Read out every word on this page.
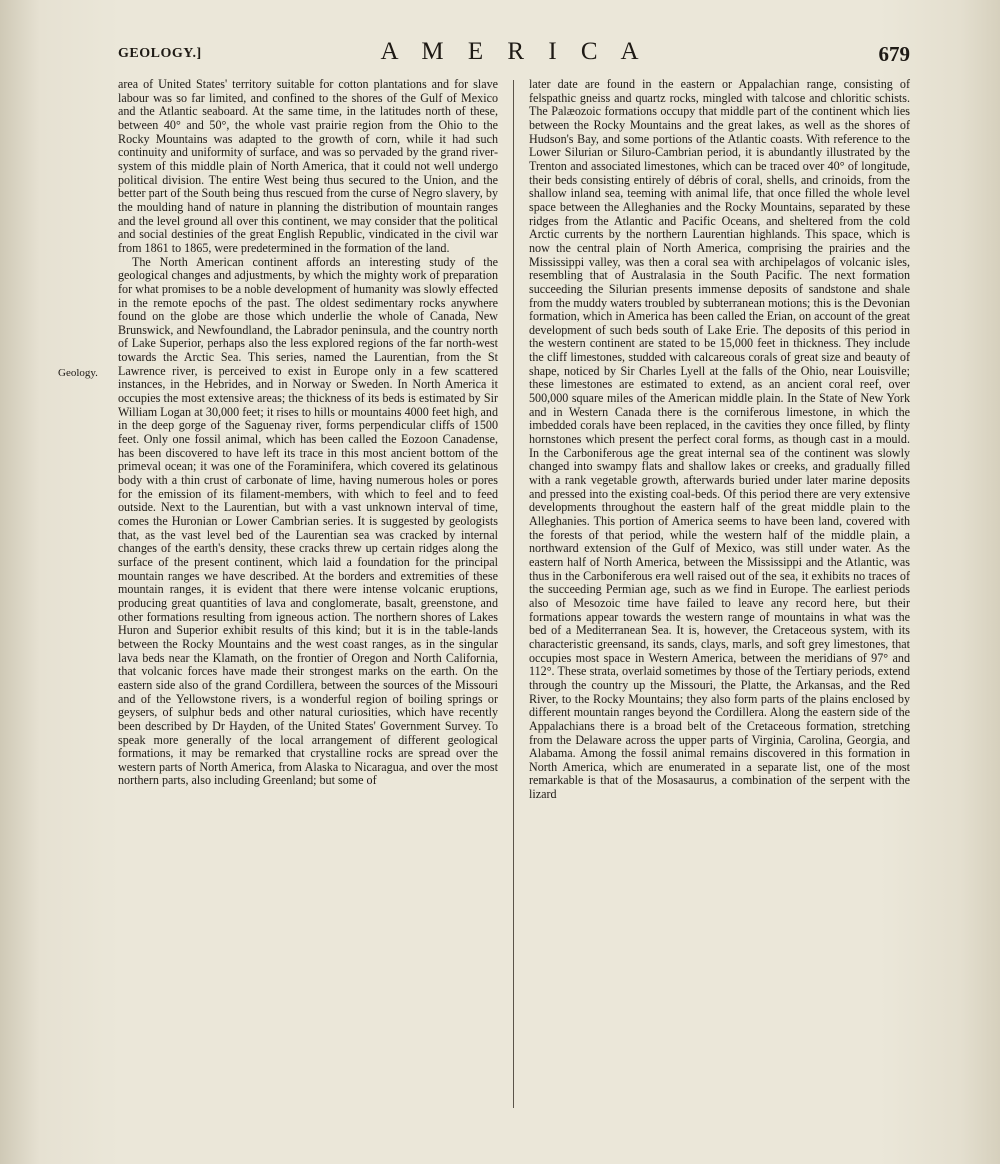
GEOLOGY.]	A M E R I C A	679
Geology.

area of United States' territory suitable for cotton plantations and for slave labour was so far limited, and confined to the shores of the Gulf of Mexico and the Atlantic seaboard. At the same time, in the latitudes north of these, between 40° and 50°, the whole vast prairie region from the Ohio to the Rocky Mountains was adapted to the growth of corn, while it had such continuity and uniformity of surface, and was so pervaded by the grand river-system of this middle plain of North America, that it could not well undergo political division. The entire West being thus secured to the Union, and the better part of the South being thus rescued from the curse of Negro slavery, by the moulding hand of nature in planning the distribution of mountain ranges and the level ground all over this continent, we may consider that the political and social destinies of the great English Republic, vindicated in the civil war from 1861 to 1865, were predetermined in the formation of the land.

The North American continent affords an interesting study of the geological changes and adjustments, by which the mighty work of preparation for what promises to be a noble development of humanity was slowly effected in the remote epochs of the past. The oldest sedimentary rocks anywhere found on the globe are those which underlie the whole of Canada, New Brunswick, and Newfoundland, the Labrador peninsula, and the country north of Lake Superior, perhaps also the less explored regions of the far north-west towards the Arctic Sea. This series, named the Laurentian, from the St Lawrence river, is perceived to exist in Europe only in a few scattered instances, in the Hebrides, and in Norway or Sweden. In North America it occupies the most extensive areas; the thickness of its beds is estimated by Sir William Logan at 30,000 feet; it rises to hills or mountains 4000 feet high, and in the deep gorge of the Saguenay river, forms perpendicular cliffs of 1500 feet. Only one fossil animal, which has been called the Eozoon Canadense, has been discovered to have left its trace in this most ancient bottom of the primeval ocean; it was one of the Foraminifera, which covered its gelatinous body with a thin crust of carbonate of lime, having numerous holes or pores for the emission of its filament-members, with which to feel and to feed outside. Next to the Laurentian, but with a vast unknown interval of time, comes the Huronian or Lower Cambrian series. It is suggested by geologists that, as the vast level bed of the Laurentian sea was cracked by internal changes of the earth's density, these cracks threw up certain ridges along the surface of the present continent, which laid a foundation for the principal mountain ranges we have described. At the borders and extremities of these mountain ranges, it is evident that there were intense volcanic eruptions, producing great quantities of lava and conglomerate, basalt, greenstone, and other formations resulting from igneous action. The northern shores of Lakes Huron and Superior exhibit results of this kind; but it is in the table-lands between the Rocky Mountains and the west coast ranges, as in the singular lava beds near the Klamath, on the frontier of Oregon and North California, that volcanic forces have made their strongest marks on the earth. On the eastern side also of the grand Cordillera, between the sources of the Missouri and of the Yellowstone rivers, is a wonderful region of boiling springs or geysers, of sulphur beds and other natural curiosities, which have recently been described by Dr Hayden, of the United States' Government Survey. To speak more generally of the local arrangement of different geological formations, it may be remarked that crystalline rocks are spread over the western parts of North America, from Alaska to Nicaragua, and over the most northern parts, also including Greenland; but some of

later date are found in the eastern or Appalachian range, consisting of felspathic gneiss and quartz rocks, mingled with talcose and chloritic schists. The Palæozoic formations occupy that middle part of the continent which lies between the Rocky Mountains and the great lakes, as well as the shores of Hudson's Bay, and some portions of the Atlantic coasts. With reference to the Lower Silurian or Siluro-Cambrian period, it is abundantly illustrated by the Trenton and associated limestones, which can be traced over 40° of longitude, their beds consisting entirely of débris of coral, shells, and crinoids, from the shallow inland sea, teeming with animal life, that once filled the whole level space between the Alleghanies and the Rocky Mountains, separated by these ridges from the Atlantic and Pacific Oceans, and sheltered from the cold Arctic currents by the northern Laurentian highlands. This space, which is now the central plain of North America, comprising the prairies and the Mississippi valley, was then a coral sea with archipelagos of volcanic isles, resembling that of Australasia in the South Pacific. The next formation succeeding the Silurian presents immense deposits of sandstone and shale from the muddy waters troubled by subterranean motions; this is the Devonian formation, which in America has been called the Erian, on account of the great development of such beds south of Lake Erie. The deposits of this period in the western continent are stated to be 15,000 feet in thickness. They include the cliff limestones, studded with calcareous corals of great size and beauty of shape, noticed by Sir Charles Lyell at the falls of the Ohio, near Louisville; these limestones are estimated to extend, as an ancient coral reef, over 500,000 square miles of the American middle plain. In the State of New York and in Western Canada there is the corniferous limestone, in which the imbedded corals have been replaced, in the cavities they once filled, by flinty hornstones which present the perfect coral forms, as though cast in a mould. In the Carboniferous age the great internal sea of the continent was slowly changed into swampy flats and shallow lakes or creeks, and gradually filled with a rank vegetable growth, afterwards buried under later marine deposits and pressed into the existing coal-beds. Of this period there are very extensive developments throughout the eastern half of the great middle plain to the Alleghanies. This portion of America seems to have been land, covered with the forests of that period, while the western half of the middle plain, a northward extension of the Gulf of Mexico, was still under water. As the eastern half of North America, between the Mississippi and the Atlantic, was thus in the Carboniferous era well raised out of the sea, it exhibits no traces of the succeeding Permian age, such as we find in Europe. The earliest periods also of Mesozoic time have failed to leave any record here, but their formations appear towards the western range of mountains in what was the bed of a Mediterranean Sea. It is, however, the Cretaceous system, with its characteristic greensand, its sands, clays, marls, and soft grey limestones, that occupies most space in Western America, between the meridians of 97° and 112°. These strata, overlaid sometimes by those of the Tertiary periods, extend through the country up the Missouri, the Platte, the Arkansas, and the Red River, to the Rocky Mountains; they also form parts of the plains enclosed by different mountain ranges beyond the Cordillera. Along the eastern side of the Appalachians there is a broad belt of the Cretaceous formation, stretching from the Delaware across the upper parts of Virginia, Carolina, Georgia, and Alabama. Among the fossil animal remains discovered in this formation in North America, which are enumerated in a separate list, one of the most remarkable is that of the Mosasaurus, a combination of the serpent with the lizard
